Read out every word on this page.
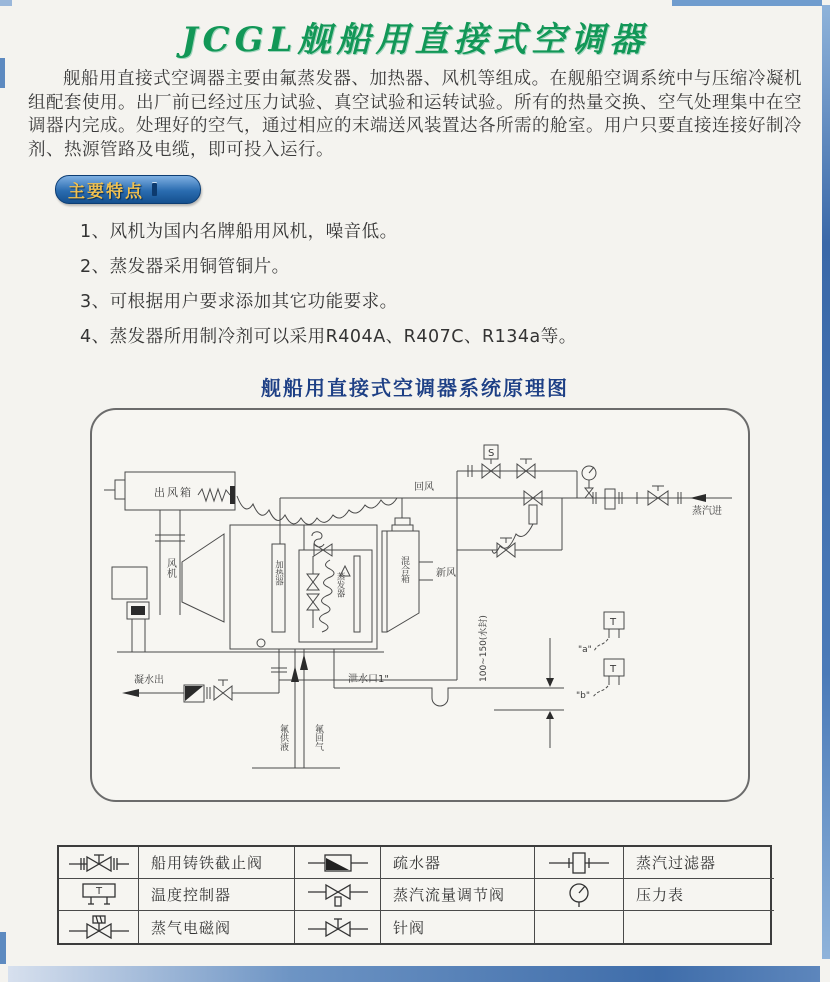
JCGL舰船用直接式空调器

舰船用直接式空调器主要由氟蒸发器、加热器、风机等组成。在舰船空调系统中与压缩冷凝机组配套使用。出厂前已经过压力试验、真空试验和运转试验。所有的热量交换、空气处理集中在空调器内完成。处理好的空气，通过相应的末端送风装置达各所需的舱室。用户只要直接连接好制冷剂、热源管路及电缆，即可投入运行。

主要特点
1、风机为国内名牌船用风机，噪音低。
2、蒸发器采用铜管铜片。
3、可根据用户要求添加其它功能要求。
4、蒸发器所用制冷剂可以采用R404A、R407C、R134a等。
舰船用直接式空调器系统原理图
出风箱
风机	加热器	蒸发器
混合箱	新风
回风
S
蒸汽进
凝水出	泄水口1"	100~150(水封)
氟供液	氟回气
T
"a"
T
"b"
船用铸铁截止阀	疏水器	蒸汽过滤器
T	温度控制器	蒸汽流量调节阀	压力表
蒸气电磁阀	针阀
